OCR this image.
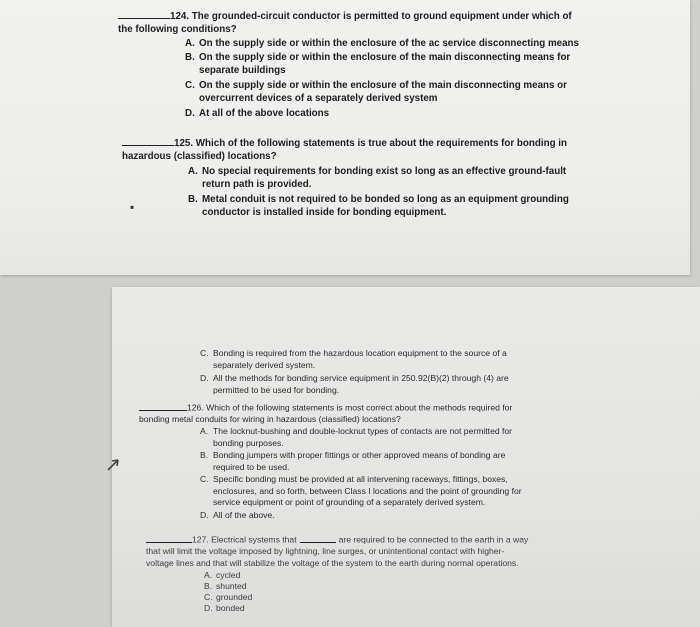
124. The grounded-circuit conductor is permitted to ground equipment under which of
the following conditions?
A. On the supply side or within the enclosure of the ac service disconnecting means
B. On the supply side or within the enclosure of the main disconnecting means for
separate buildings
C. On the supply side or within the enclosure of the main disconnecting means or
overcurrent devices of a separately derived system
D. At all of the above locations
125. Which of the following statements is true about the requirements for bonding in
hazardous (classified) locations?
A. No special requirements for bonding exist so long as an effective ground-fault
return path is provided.
B. Metal conduit is not required to be bonded so long as an equipment grounding
conductor is installed inside for bonding equipment.
▪
C. Bonding is required from the hazardous location equipment to the source of a
separately derived system.
D. All the methods for bonding service equipment in 250.92(B)(2) through (4) are
permitted to be used for bonding.
126. Which of the following statements is most correct about the methods required for
bonding metal conduits for wiring in hazardous (classified) locations?
A. The locknut-bushing and double-locknut types of contacts are not permitted for
bonding purposes.
B. Bonding jumpers with proper fittings or other approved means of bonding are
required to be used.
C. Specific bonding must be provided at all intervening raceways, fittings, boxes,
enclosures, and so forth, between Class I locations and the point of grounding for
service equipment or point of grounding of a separately derived system.
D. All of the above.
127. Electrical systems that	are required to be connected to the earth in a way
that will limit the voltage imposed by lightning, line surges, or unintentional contact with higher-
voltage lines and that will stabilize the voltage of the system to the earth during normal operations.
A. cycled
B. shunted
C. grounded
D. bonded
